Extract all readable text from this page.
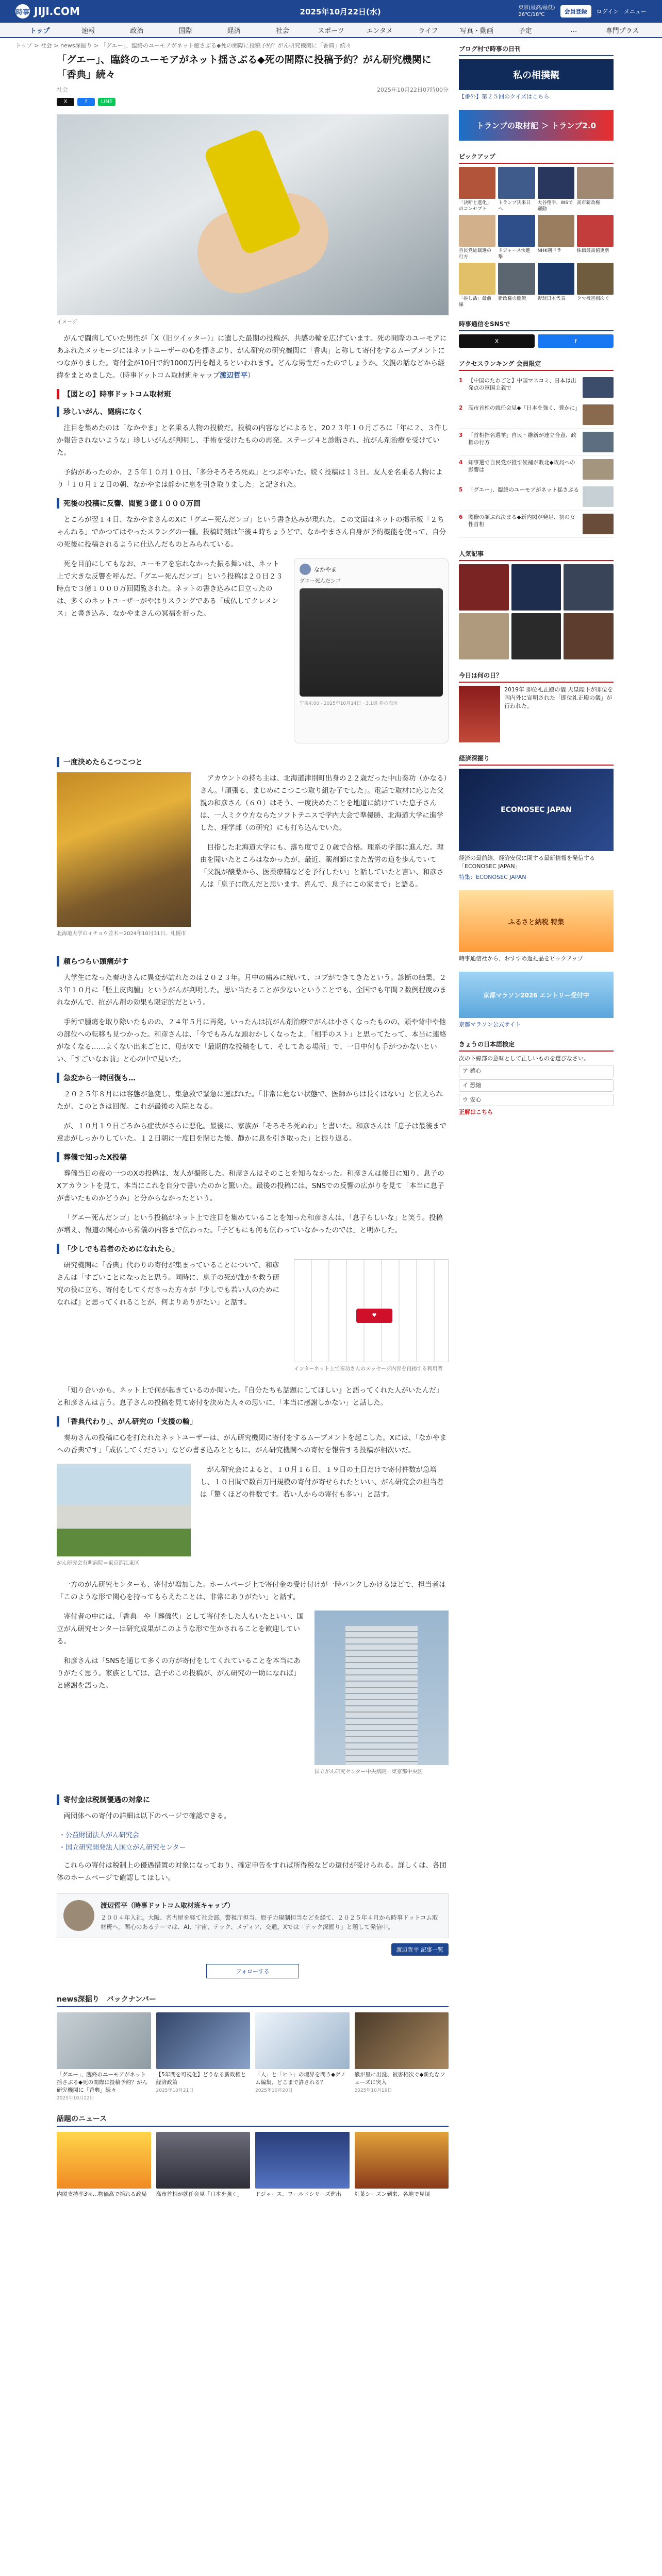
時事 JIJI.COM	2025年10月22日(水)	東京(最高/最低)
26℃/18℃	会員登録	ログイン メニュー
トップ	速報	政治	国際	経済	社会	スポーツ	エンタメ	ライフ	写真・動画	予定	…	専門プラス
トップ > 社会 > news深掘り > 「グエー」、臨終のユーモアがネット癒さぶる◆死の間際に投稿予約？がん研究機関に「香典」続々
「グエー」、臨終のユーモアがネット揺さぶる◆死の間際に投稿予約？がん研究機関に「香典」続々
社会	2025年10月22日07時00分
X	f	LINE
イメージ

がんで闘病していた男性が「X（旧ツイッター）」に遺した最期の投稿が、共感の輪を広げています。死の間際のユーモアにあふれたメッセージにはネットユーザーの心を揺さぶり、がん研究の研究機関に「香典」と称して寄付をするムーブメントにつながりました。寄付金が10日で約1000万円を超えるといわれます。どんな男性だったのでしょうか。父親の話などから経緯をまとめました。（時事ドットコム取材班キャップ渡辺哲平）

【図との】時事ドットコム取材班
珍しいがん、闘病になく

注目を集めたのは「なかやま」と名乗る人物の投稿だ。投稿の内容などによると、20２３年１０月ごろに「年に２、３件しか報告されないような」珍しいがんが判明し、手術を受けたものの再発。ステージ４と診断され、抗がん剤治療を受けていた。

予約があったのか、２５年１０月１０日、「多分そろそろ死ぬ」とつぶやいた。続く投稿は１３日。友人を名乗る人物により「１０月１２日の朝、なかやまは静かに息を引き取りました」と記された。

死後の投稿に反響、閲覧３億１０００万回

ところが翌１４日、なかやまさんのXに「グエー死んだンゴ」という書き込みが現れた。この文面はネットの掲示板「２ちゃんねる」でかつてはやったスラングの一種。投稿時刻は午後４時ちょうどで、なかやまさん自身が予約機能を使って、自分の死後に投稿されるように仕込んだものとみられている。

なかやま
グエー死んだンゴ
午後4:00 · 2025年10月14日 · 3.1億 件の表示

死を目前にしてもなお、ユーモアを忘れなかった振る舞いは、ネット上で大きな反響を呼んだ。「グエー死んだンゴ」という投稿は２０日２３時点で３億１０００万回閲覧された。ネットの書き込みに目立ったのは、多くのネットユーザーがやはりスラングである「成仏してクレメンス」と書き込み、なかやまさんの冥福を祈った。

一度決めたらこつこつと
北海道大学のイチョウ並木＝2024年10月31日、札幌市

アカウントの持ち主は、北海道津別町出身の２２歳だった中山奏功（かなる）さん。「頑張る、まじめにこつこつ取り組む子でした」。電話で取材に応じた父親の和彦さん（６０）はそう、一度決めたことを地道に続けていた息子さんは、一人ミクウ方ならたソフトテニスで学内大会で準優勝、北海道大学に進学した、理学部（の研究）にも打ち込んでいた。

目指した北海道大学にも、落ち度で２０歳で合格。理系の学部に進んだ。理由を聞いたところはなかったが、最近、薬剤師にまた苦労の道を歩んでいて「父親が醸薬から、医薬療精などを予行したい」と話していたと言い、和彦さんは「息子に欣んだと思います。喜んで、息子にこの家まで」と語る。

頼らつらい頭痛がす

大学生になった奏功さんに異変が訪れたのは２０２３年。月中の痛みに続いて、コブができてきたという。診断の結果、２３年１０月に「胚上皮肉腫」というがんが判明した。思い当たることが少ないということでも、全国でも年間２数例程度のまれながんで、抗がん剤の効果も限定的だという。

手術で腫瘍を取り除いたものの、２４年５月に再発。いったんは抗がん剤治療でがんは小さくなったものの、頭や背中や他の部位への転移も見つかった。和彦さんは、「今でもみんな頭おかしくなったよ」「相手のスト」と思ってたって、本当に連絡がなくなる……よくない出来ごとに、母がXで「最期的な投稿をして、そしてある場所」で、一日中何も手がつかないといい、「すごいなお前」と心の中で見いた。

急変から一時回復も…

２０２５年８月には容態が急変し、集急救で緊急に運ばれた。「非常に危ない状態で、医師からは長くはない」と伝えられたが、このときは回復。これが最後の入院となる。

が、１０月１９日ごろから症状がさらに悪化。最後に、家族が「そろそろ死ぬわ」と書いた。和彦さんは「息子は最後まで意志がしっかりしていた。１２日朝に一度目を閉じた後、静かに息を引き取った」と振り返る。

葬儀で知ったX投稿

葬儀当日の夜の一つのXの投稿は、友人が撮影した。和彦さんはそのことを知らなかった。和彦さんは後日に知り、息子のXアカウントを見て、本当にこれを自分で書いたのかと驚いた。最後の投稿には、SNSでの反響の広がりを見て「本当に息子が書いたものかどうか」と分からなかったという。

「グエー死んだンゴ」という投稿がネット上で注目を集めていることを知った和彦さんは、「息子らしいな」と笑う。投稿が増え、報道の関心から葬儀の内容まで伝わった。「子どもにも何も伝わっていなかったのでは」と明かした。

「少しでも若者のためになれたら」
♥
インターネット上で奏功さんのメッセージ内容を再掲する利用者

研究機関に「香典」代わりの寄付が集まっていることについて、和彦さんは「すごいことになったと思う。同時に、息子の死が誰かを救う研究の役に立ち、寄付をしてくださった方々が『少しでも若い人のためになれば』と思ってくれることが、何よりありがたい」と話す。

「知り合いから、ネット上で何が起きているのか聞いた。『自分たちも話題にしてほしい』と語ってくれた人がいたんだ」と和彦さんは言う。息子さんの投稿を見て寄付を決めた人々の思いに、「本当に感謝しかない」と話した。

「香典代わり」、がん研究の「支援の輪」

奏功さんの投稿に心を打たれたネットユーザーは、がん研究機関に寄付をするムーブメントを起こした。Xには、「なかやまへの香典です」「成仏してください」などの書き込みとともに、がん研究機関への寄付を報告する投稿が相次いだ。

がん研究会有明病院＝東京都江東区

がん研究会によると、１０月１６日、１９日の土日だけで寄付件数が急増し、１０日間で数百万円規模の寄付が寄せられたといい、がん研究会の担当者は「驚くほどの件数です。若い人からの寄付も多い」と話す。

一方のがん研究センターも、寄付が増加した。ホームページ上で寄付金の受け付けが一時パンクしかけるほどで、担当者は「このような形で関心を持ってもらえたことは、非常にありがたい」と話す。

国立がん研究センター中央病院＝東京都中央区

寄付者の中には、「香典」や「葬儀代」として寄付をした人もいたといい、国立がん研究センターは研究成果がこのような形で生かされることを歓迎している。

和彦さんは「SNSを通じて多くの方が寄付をしてくれていることを本当にありがたく思う。家族としては、息子のこの投稿が、がん研究の一助になれば」と感謝を語った。

寄付金は税制優遇の対象に

両団体への寄付の詳細は以下のページで確認できる。

・公益財団法人がん研究会
・国立研究開発法人国立がん研究センター

これらの寄付は税制上の優遇措置の対象になっており、確定申告をすれば所得税などの還付が受けられる。詳しくは、各団体のホームページで確認してほしい。

渡辺哲平（時事ドットコム取材班キャップ）
２００４年入社。大阪、名古屋を経て社会部。警視庁担当、原子力規制担当などを経て、２０２５年４月から時事ドットコム取材班へ。関心のあるテーマは、AI、宇宙、テック、メディア、交通。Xでは「テック深掘り」と題して発信中。
渡辺哲平 記事一覧
フォローする
news深掘り　バックナンバー
「グエー」、臨終のユーモアがネット揺さぶる◆死の間際に投稿予約？がん研究機関に「香典」続々
2025年10月22日
【5年間を可視化】どうなる新政権と経済政策
2025年10月21日
「人」と「ヒト」の境界を問う◆ゲノム編集、どこまで許される？
2025年10月20日
熊が里に出没、被害相次ぐ◆新たなフェーズに突入
2025年10月19日
話題のニュース
内閣支持率3％…物価高で揺れる政局	高市首相が就任会見「日本を強く」	ドジャース、ワールドシリーズ進出	紅葉シーズン到来、各地で見頃
ブログ村で時事の日刊
私の相撲観
【番外】第２５回のクイズはこちら
トランプの取材記 ＞ トランプ2.0
ピックアップ
「決断と進化」のコンセプト
トランプ氏来日へ
大谷翔平、WSで躍動
高市新政権
自民党総裁選の行方
ドジャース快進撃
NHK朝ドラ	株価最高値更新
「推し活」最前線
新政権の閣僚	野球日本代表	クマ被害相次ぐ
時事通信をSNSで
X	f
アクセスランキング 会員限定
1	【中国のたわごと】中国マスコミ、日本は出発点の軍国主義で
2	高市首相の就任会見◆「日本を強く、豊かに」
3	「首相指名選挙」自民・維新が連立合意、政権の行方
4	知事選で自民党が推す候補が敗北◆政局への影響は
5	「グエー」、臨終のユーモアがネット揺さぶる
6	閣僚の顔ぶれ決まる◆新内閣が発足、初の女性首相
人気記事
今日は何の日？
2019年 即位礼正殿の儀 天皇陛下が即位を国内外に宣明された「即位礼正殿の儀」が行われた。
経済深掘り
ECONOSEC JAPAN
経済の最前線、経済安保に関する最新情報を発信する「ECONOSEC JAPAN」
特集：ECONOSEC JAPAN
ふるさと納税 特集
時事通信社から、おすすめ返礼品をピックアップ
京都マラソン2026 エントリー受付中
京都マラソン公式サイト
きょうの日本語検定

次の下線部の意味として正しいものを選びなさい。

ア 感心
イ 恐縮
ウ 安心

正解はこちら
